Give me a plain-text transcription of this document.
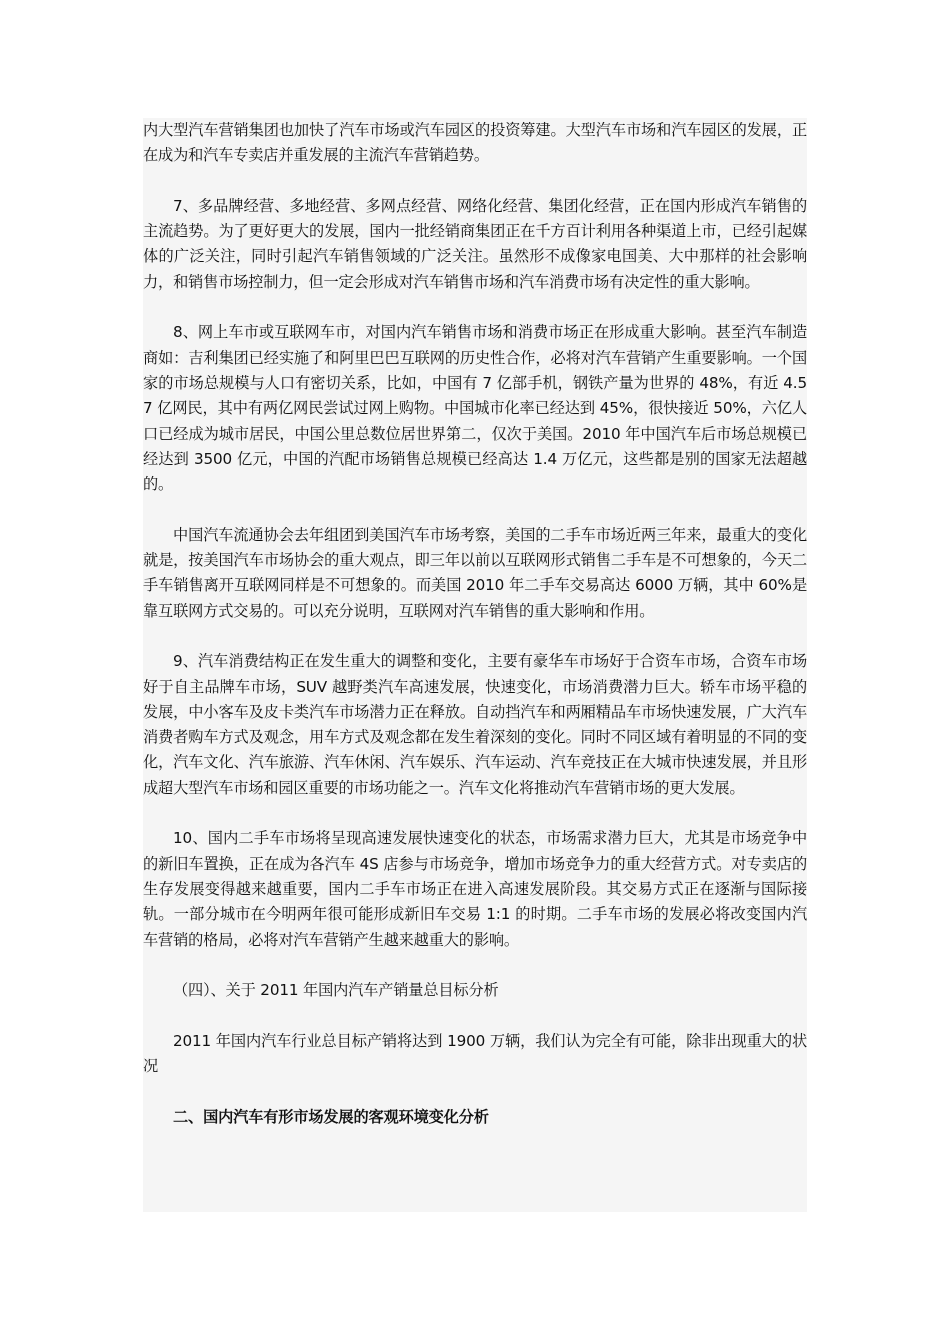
内大型汽车营销集团也加快了汽车市场或汽车园区的投资筹建。大型汽车市场和汽车园区的发展，正在成为和汽车专卖店并重发展的主流汽车营销趋势。

7、多品牌经营、多地经营、多网点经营、网络化经营、集团化经营，正在国内形成汽车销售的主流趋势。为了更好更大的发展，国内一批经销商集团正在千方百计利用各种渠道上市，已经引起媒体的广泛关注，同时引起汽车销售领域的广泛关注。虽然形不成像家电国美、大中那样的社会影响力，和销售市场控制力，但一定会形成对汽车销售市场和汽车消费市场有决定性的重大影响。

8、网上车市或互联网车市，对国内汽车销售市场和消费市场正在形成重大影响。甚至汽车制造商如：吉利集团已经实施了和阿里巴巴互联网的历史性合作，必将对汽车营销产生重要影响。一个国家的市场总规模与人口有密切关系，比如，中国有 7 亿部手机，钢铁产量为世界的 48%，有近 4.57 亿网民，其中有两亿网民尝试过网上购物。中国城市化率已经达到 45%，很快接近 50%，六亿人口已经成为城市居民，中国公里总数位居世界第二，仅次于美国。2010 年中国汽车后市场总规模已经达到 3500 亿元，中国的汽配市场销售总规模已经高达 1.4 万亿元，这些都是别的国家无法超越的。

中国汽车流通协会去年组团到美国汽车市场考察，美国的二手车市场近两三年来，最重大的变化就是，按美国汽车市场协会的重大观点，即三年以前以互联网形式销售二手车是不可想象的，今天二手车销售离开互联网同样是不可想象的。而美国 2010 年二手车交易高达 6000 万辆，其中 60%是靠互联网方式交易的。可以充分说明，互联网对汽车销售的重大影响和作用。

9、汽车消费结构正在发生重大的调整和变化，主要有豪华车市场好于合资车市场，合资车市场好于自主品牌车市场，SUV 越野类汽车高速发展，快速变化，市场消费潜力巨大。轿车市场平稳的发展，中小客车及皮卡类汽车市场潜力正在释放。自动挡汽车和两厢精品车市场快速发展，广大汽车消费者购车方式及观念，用车方式及观念都在发生着深刻的变化。同时不同区域有着明显的不同的变化，汽车文化、汽车旅游、汽车休闲、汽车娱乐、汽车运动、汽车竞技正在大城市快速发展，并且形成超大型汽车市场和园区重要的市场功能之一。汽车文化将推动汽车营销市场的更大发展。

10、国内二手车市场将呈现高速发展快速变化的状态，市场需求潜力巨大，尤其是市场竞争中的新旧车置换，正在成为各汽车 4S 店参与市场竞争，增加市场竞争力的重大经营方式。对专卖店的生存发展变得越来越重要，国内二手车市场正在进入高速发展阶段。其交易方式正在逐渐与国际接轨。一部分城市在今明两年很可能形成新旧车交易 1:1 的时期。二手车市场的发展必将改变国内汽车营销的格局，必将对汽车营销产生越来越重大的影响。

（四）、关于 2011 年国内汽车产销量总目标分析

2011 年国内汽车行业总目标产销将达到 1900 万辆，我们认为完全有可能，除非出现重大的状况

二、国内汽车有形市场发展的客观环境变化分析
